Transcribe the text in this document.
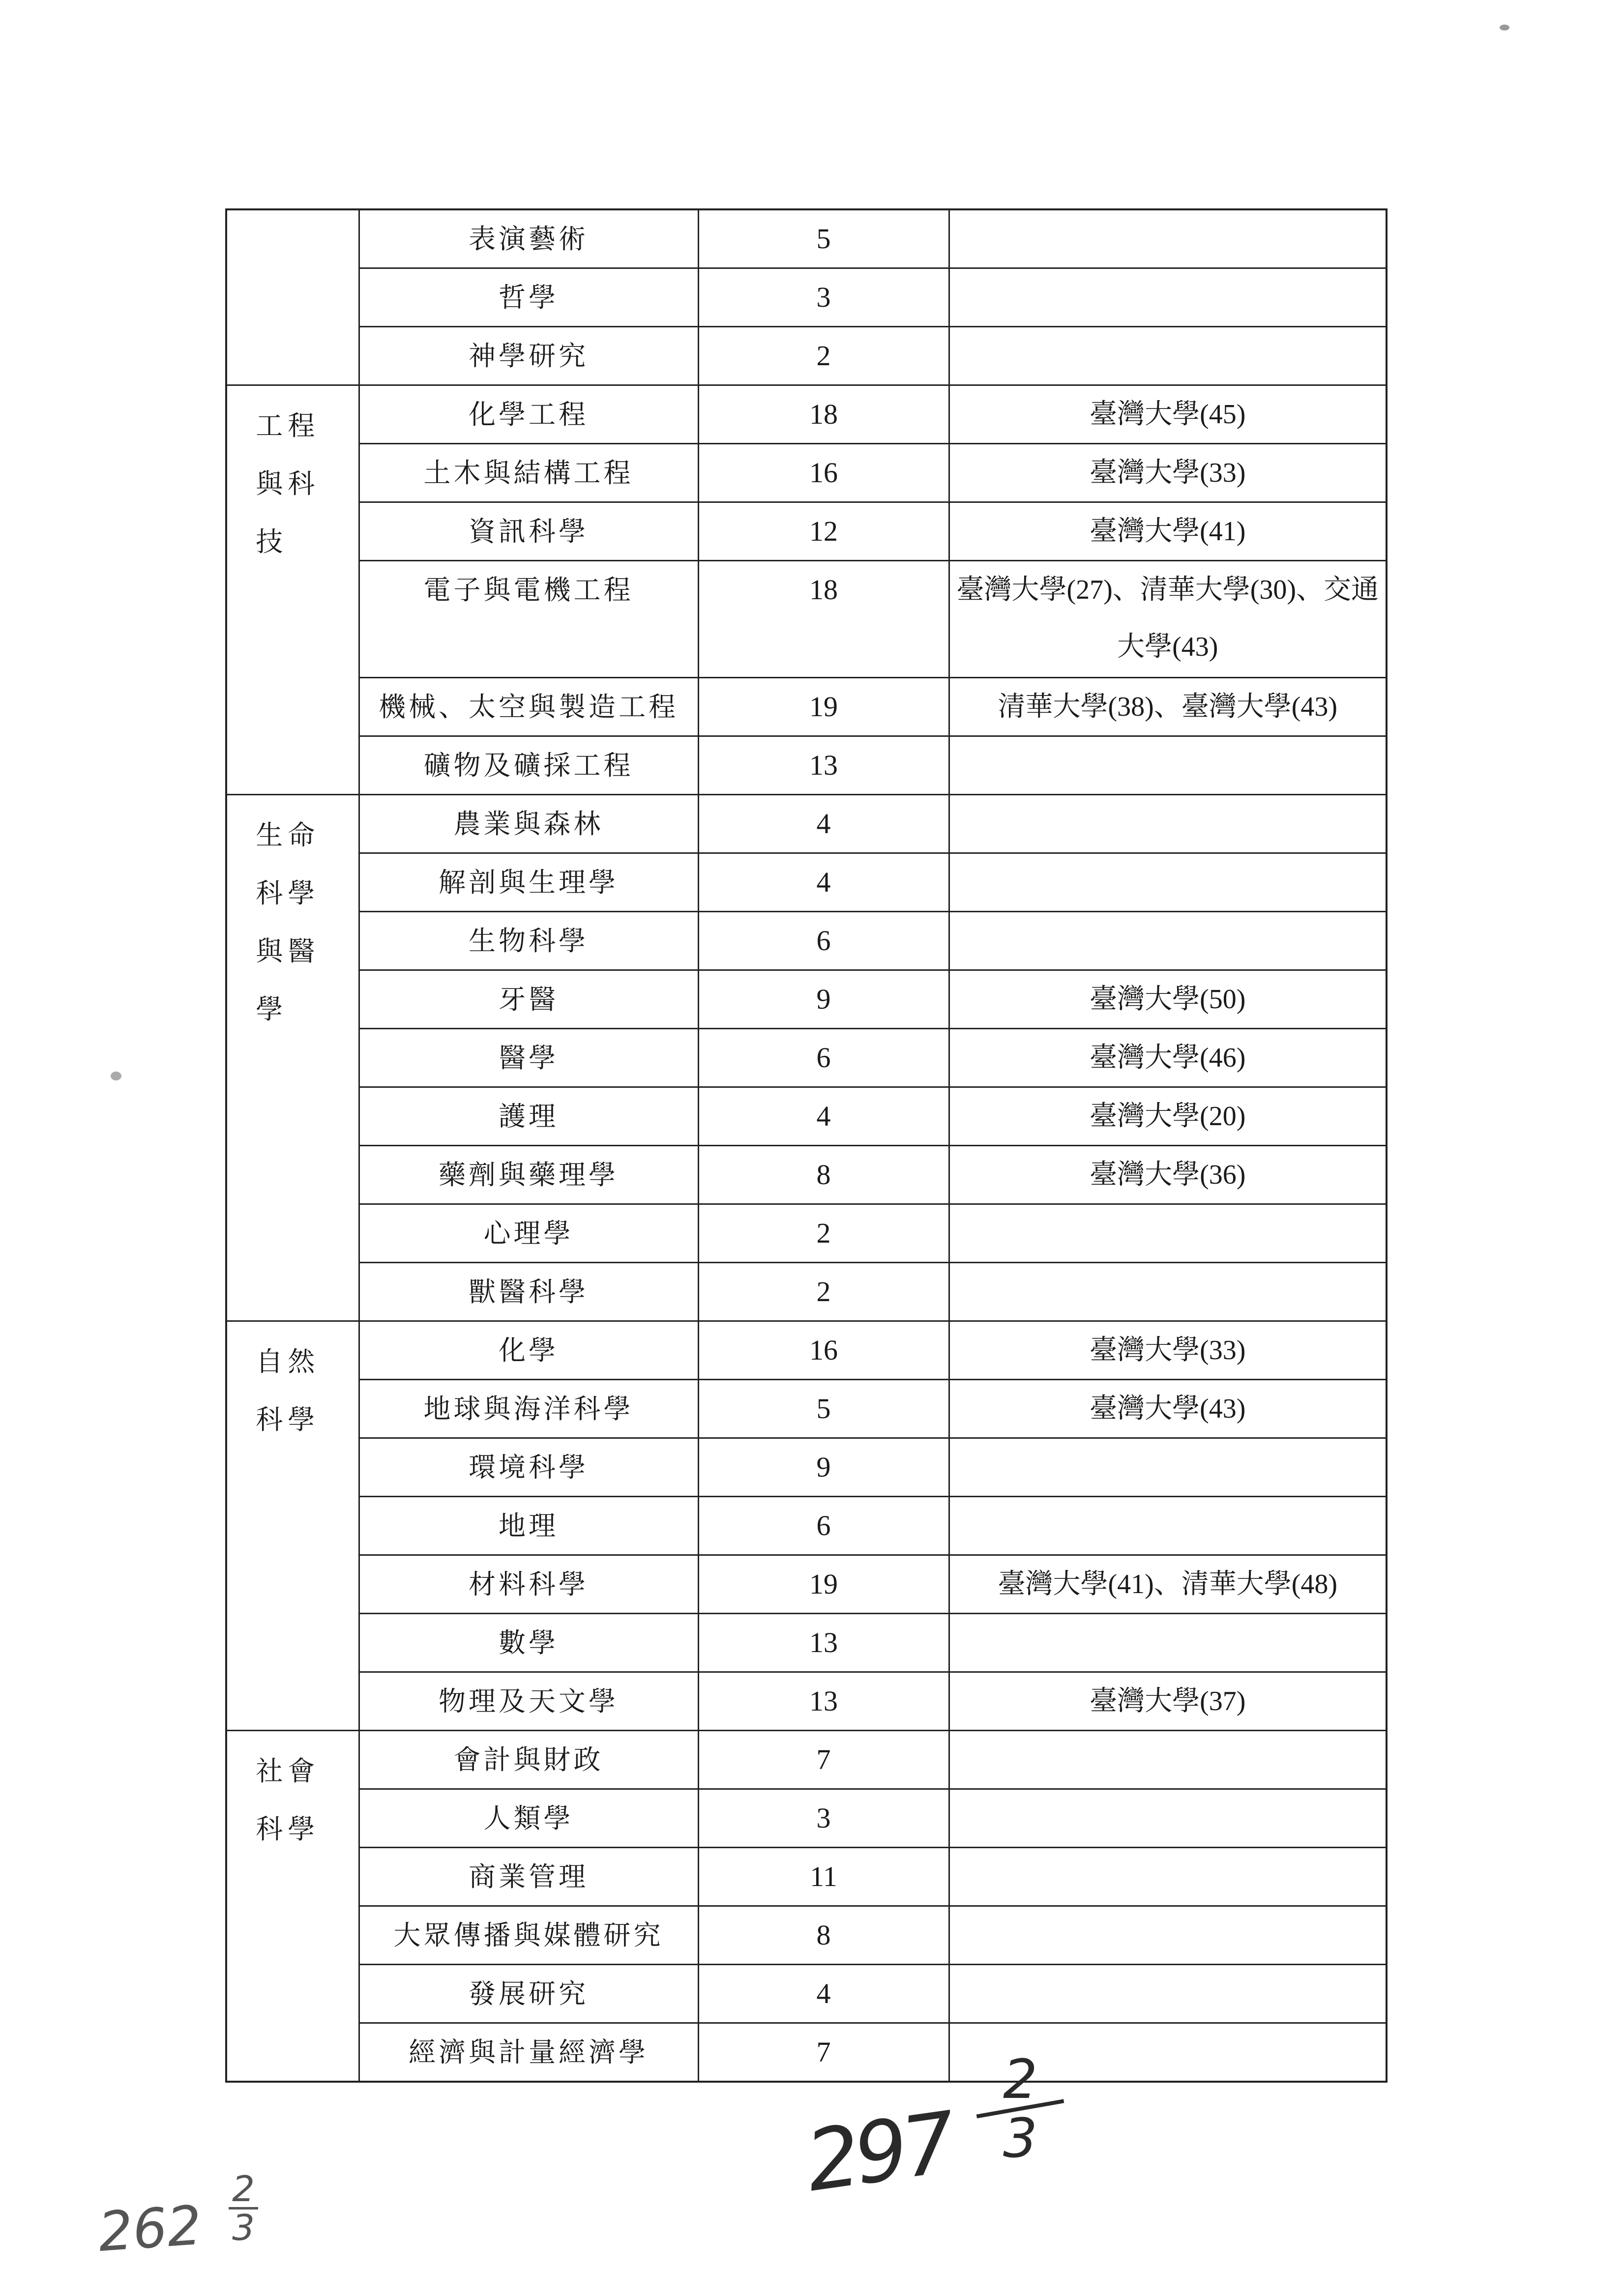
	表演藝術	5	
	哲學	3	
	神學研究	2	

工程與科技	化學工程	18	臺灣大學(45)
	土木與結構工程	16	臺灣大學(33)
	資訊科學	12	臺灣大學(41)
	電子與電機工程	18	臺灣大學(27)、清華大學(30)、交通大學(43)
	機械、太空與製造工程	19	清華大學(38)、臺灣大學(43)
	礦物及礦採工程	13	

生命科學與醫學	農業與森林	4	
	解剖與生理學	4	
	生物科學	6	
	牙醫	9	臺灣大學(50)
	醫學	6	臺灣大學(46)
	護理	4	臺灣大學(20)
	藥劑與藥理學	8	臺灣大學(36)
	心理學	2	
	獸醫科學	2	

自然科學	化學	16	臺灣大學(33)
	地球與海洋科學	5	臺灣大學(43)
	環境科學	9	
	地理	6	
	材料科學	19	臺灣大學(41)、清華大學(48)
	數學	13	
	物理及天文學	13	臺灣大學(37)

社會科學	會計與財政	7	
	人類學	3	
	商業管理	11	
	大眾傳播與媒體研究	8	
	發展研究	4	
	經濟與計量經濟學	7	
297
2
3
262
2
3
